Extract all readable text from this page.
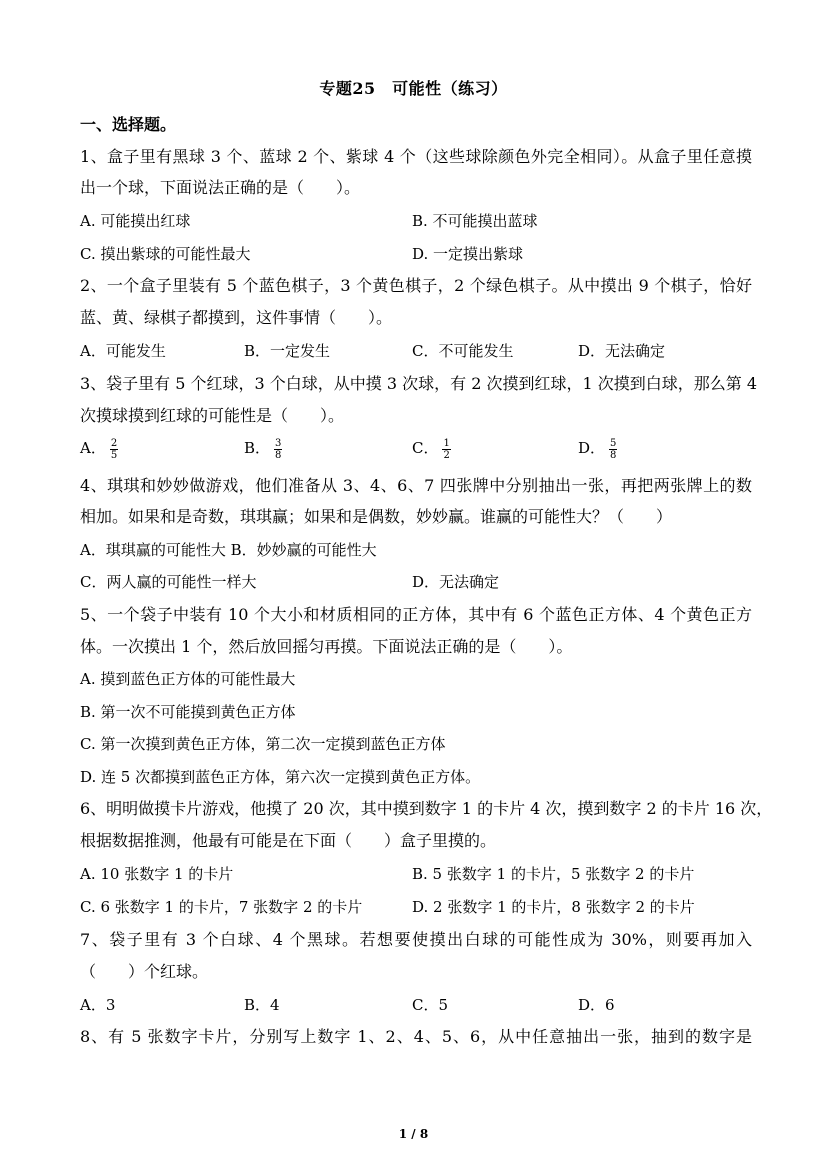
专题25　可能性（练习）
一、选择题。
1、盒子里有黑球 3 个、蓝球 2 个、紫球 4 个（这些球除颜色外完全相同）。从盒子里任意摸
出一个球，下面说法正确的是（　　）。
A. 可能摸出红球	B. 不可能摸出蓝球
C. 摸出紫球的可能性最大	D. 一定摸出紫球
2、一个盒子里装有 5 个蓝色棋子，3 个黄色棋子，2 个绿色棋子。从中摸出 9 个棋子，恰好
蓝、黄、绿棋子都摸到，这件事情（　　）。
A．可能发生	B．一定发生	C．不可能发生	D．无法确定
3、袋子里有 5 个红球，3 个白球，从中摸 3 次球，有 2 次摸到红球，1 次摸到白球，那么第 4
次摸球摸到红球的可能性是（　　）。
A． $\frac{2}{5}$	B． $\frac{3}{8}$	C． $\frac{1}{2}$	D． $\frac{5}{8}$
4、琪琪和妙妙做游戏，他们准备从 3、4、6、7 四张牌中分别抽出一张，再把两张牌上的数
相加。如果和是奇数，琪琪赢；如果和是偶数，妙妙赢。谁赢的可能性大？（　　）
A．琪琪赢的可能性大 B．妙妙赢的可能性大
C．两人赢的可能性一样大	D．无法确定
5、一个袋子中装有 10 个大小和材质相同的正方体，其中有 6 个蓝色正方体、4 个黄色正方
体。一次摸出 1 个，然后放回摇匀再摸。下面说法正确的是（　　）。
A. 摸到蓝色正方体的可能性最大
B. 第一次不可能摸到黄色正方体
C. 第一次摸到黄色正方体，第二次一定摸到蓝色正方体
D. 连 5 次都摸到蓝色正方体，第六次一定摸到黄色正方体。
6、明明做摸卡片游戏，他摸了 20 次，其中摸到数字 1 的卡片 4 次，摸到数字 2 的卡片 16 次，
根据数据推测，他最有可能是在下面（　　）盒子里摸的。
A. 10 张数字 1 的卡片	B. 5 张数字 1 的卡片，5 张数字 2 的卡片
C. 6 张数字 1 的卡片，7 张数字 2 的卡片	D. 2 张数字 1 的卡片，8 张数字 2 的卡片
7、袋子里有 3 个白球、4 个黑球。若想要使摸出白球的可能性成为 30%，则要再加入
（　　）个红球。
A．3	B．4	C．5	D．6
8、有 5 张数字卡片，分别写上数字 1、2、4、5、6，从中任意抽出一张，抽到的数字是
1 / 8
